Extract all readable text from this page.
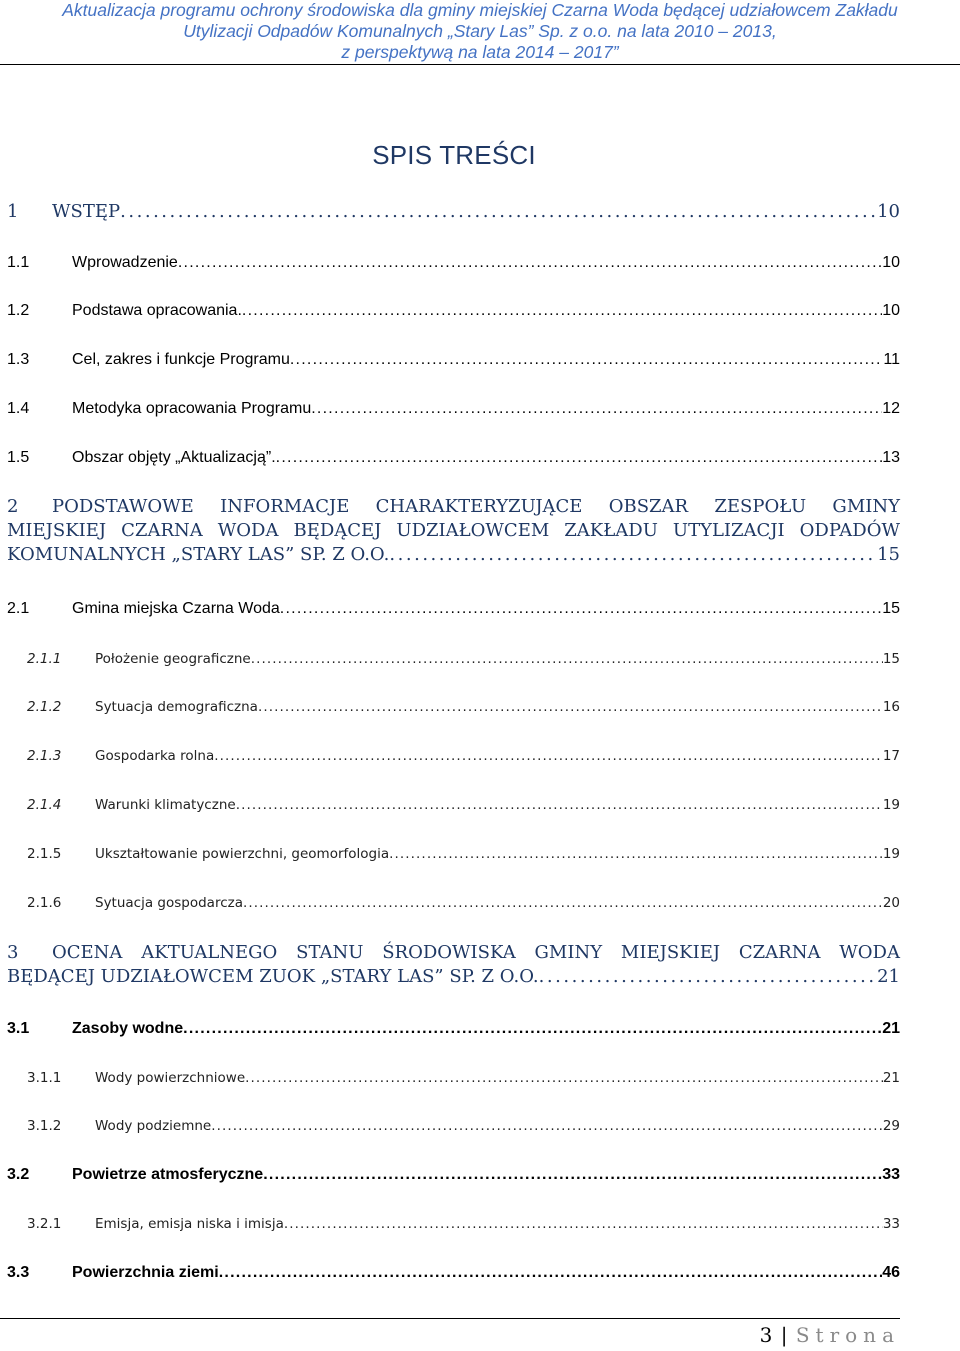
Aktualizacja programu ochrony środowiska dla gminy miejskiej Czarna Woda będącej udziałowcem Zakładu
Utylizacji Odpadów Komunalnych „Stary Las” Sp. z o.o. na lata 2010 – 2013,
z perspektywą na lata 2014 – 2017”
SPIS TREŚCI
1 WSTĘP . . .	10
1.1	Wprowadzenie . . .	10
1.2	Podstawa opracowania. . . .	10
1.3	Cel, zakres i funkcje Programu . . .	11
1.4	Metodyka opracowania Programu . . .	12
1.5	Obszar objęty „Aktualizacją”. . . .	13
2 PODSTAWOWE INFORMACJE CHARAKTERYZUJĄCE OBSZAR ZESPOŁU GMINY
MIEJSKIEJ CZARNA WODA BĘDĄCEJ UDZIAŁOWCEM ZAKŁADU UTYLIZACJI ODPADÓW
KOMUNALNYCH „STARY LAS” SP. Z O.O. . . .	15
2.1	Gmina miejska Czarna Woda . . .	15
2.1.1 Położenie geograficzne . . .	15
2.1.2 Sytuacja demograficzna . . .	16
2.1.3 Gospodarka rolna . . .	17
2.1.4 Warunki klimatyczne . . .	19
2.1.5 Ukształtowanie powierzchni, geomorfologia . . .	19
2.1.6 Sytuacja gospodarcza . . .	20
3 OCENA AKTUALNEGO STANU ŚRODOWISKA GMINY MIEJSKIEJ CZARNA WODA
BĘDĄCEJ UDZIAŁOWCEM ZUOK „STARY LAS” SP. Z O.O. . . .	21
3.1	Zasoby wodne . . .	21
3.1.1 Wody powierzchniowe . . .	21
3.1.2 Wody podziemne . . .	29
3.2	Powietrze atmosferyczne . . .	33
3.2.1 Emisja, emisja niska i imisja . . .	33
3.3	Powierzchnia ziemi . . .	46
3 | Strona
